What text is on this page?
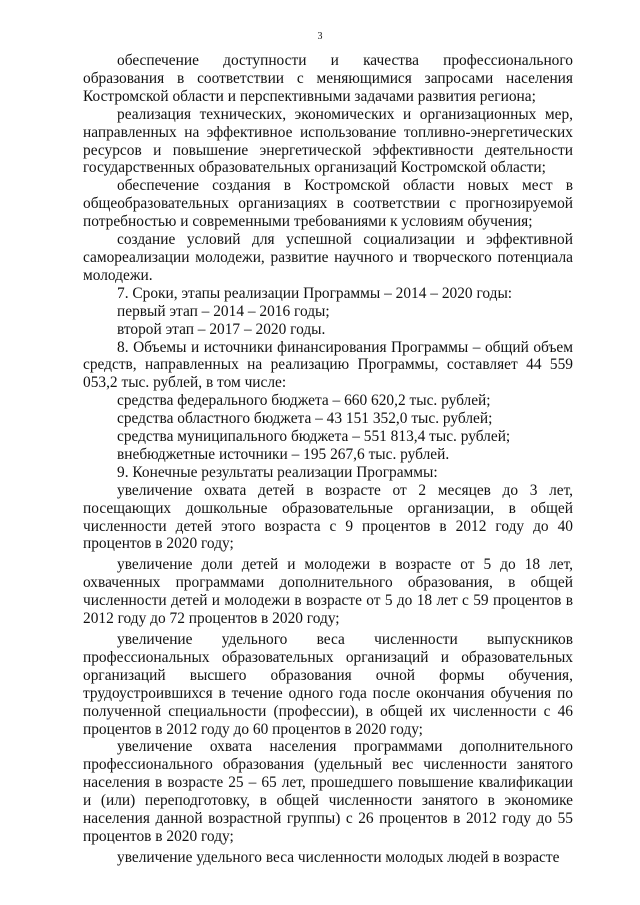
3

обеспечение доступности и качества профессионального образования в соответствии с меняющимися запросами населения Костромской области и перспективными задачами развития региона;

реализация технических, экономических и организационных мер, направленных на эффективное использование топливно-энергетических ресурсов и повышение энергетической эффективности деятельности государственных образовательных организаций Костромской области;

обеспечение создания в Костромской области новых мест в общеобразовательных организациях в соответствии с прогнозируемой потребностью и современными требованиями к условиям обучения;

создание условий для успешной социализации и эффективной самореализации молодежи, развитие научного и творческого потенциала молодежи.

7. Сроки, этапы реализации Программы – 2014 – 2020 годы:

первый этап – 2014 – 2016 годы;

второй этап – 2017 – 2020 годы.

8. Объемы и источники финансирования Программы – общий объем средств, направленных на реализацию Программы, составляет 44 559 053,2 тыс. рублей, в том числе:

средства федерального бюджета – 660 620,2 тыс. рублей;

средства областного бюджета – 43 151 352,0 тыс. рублей;

средства муниципального бюджета – 551 813,4 тыс. рублей;

внебюджетные источники – 195 267,6 тыс. рублей.

9. Конечные результаты реализации Программы:

увеличение охвата детей в возрасте от 2 месяцев до 3 лет, посещающих дошкольные образовательные организации, в общей численности детей этого возраста с 9 процентов в 2012 году до 40 процентов в 2020 году;

увеличение доли детей и молодежи в возрасте от 5 до 18 лет, охваченных программами дополнительного образования, в общей численности детей и молодежи в возрасте от 5 до 18 лет с 59 процентов в 2012 году до 72 процентов в 2020 году;

увеличение удельного веса численности выпускников профессиональных образовательных организаций и образовательных организаций высшего образования очной формы обучения, трудоустроившихся в течение одного года после окончания обучения по полученной специальности (профессии), в общей их численности с 46 процентов в 2012 году до 60 процентов в 2020 году;

увеличение охвата населения программами дополнительного профессионального образования (удельный вес численности занятого населения в возрасте 25 – 65 лет, прошедшего повышение квалификации и (или) переподготовку, в общей численности занятого в экономике населения данной возрастной группы) с 26 процентов в 2012 году до 55 процентов в 2020 году;

увеличение удельного веса численности молодых людей в возрасте
